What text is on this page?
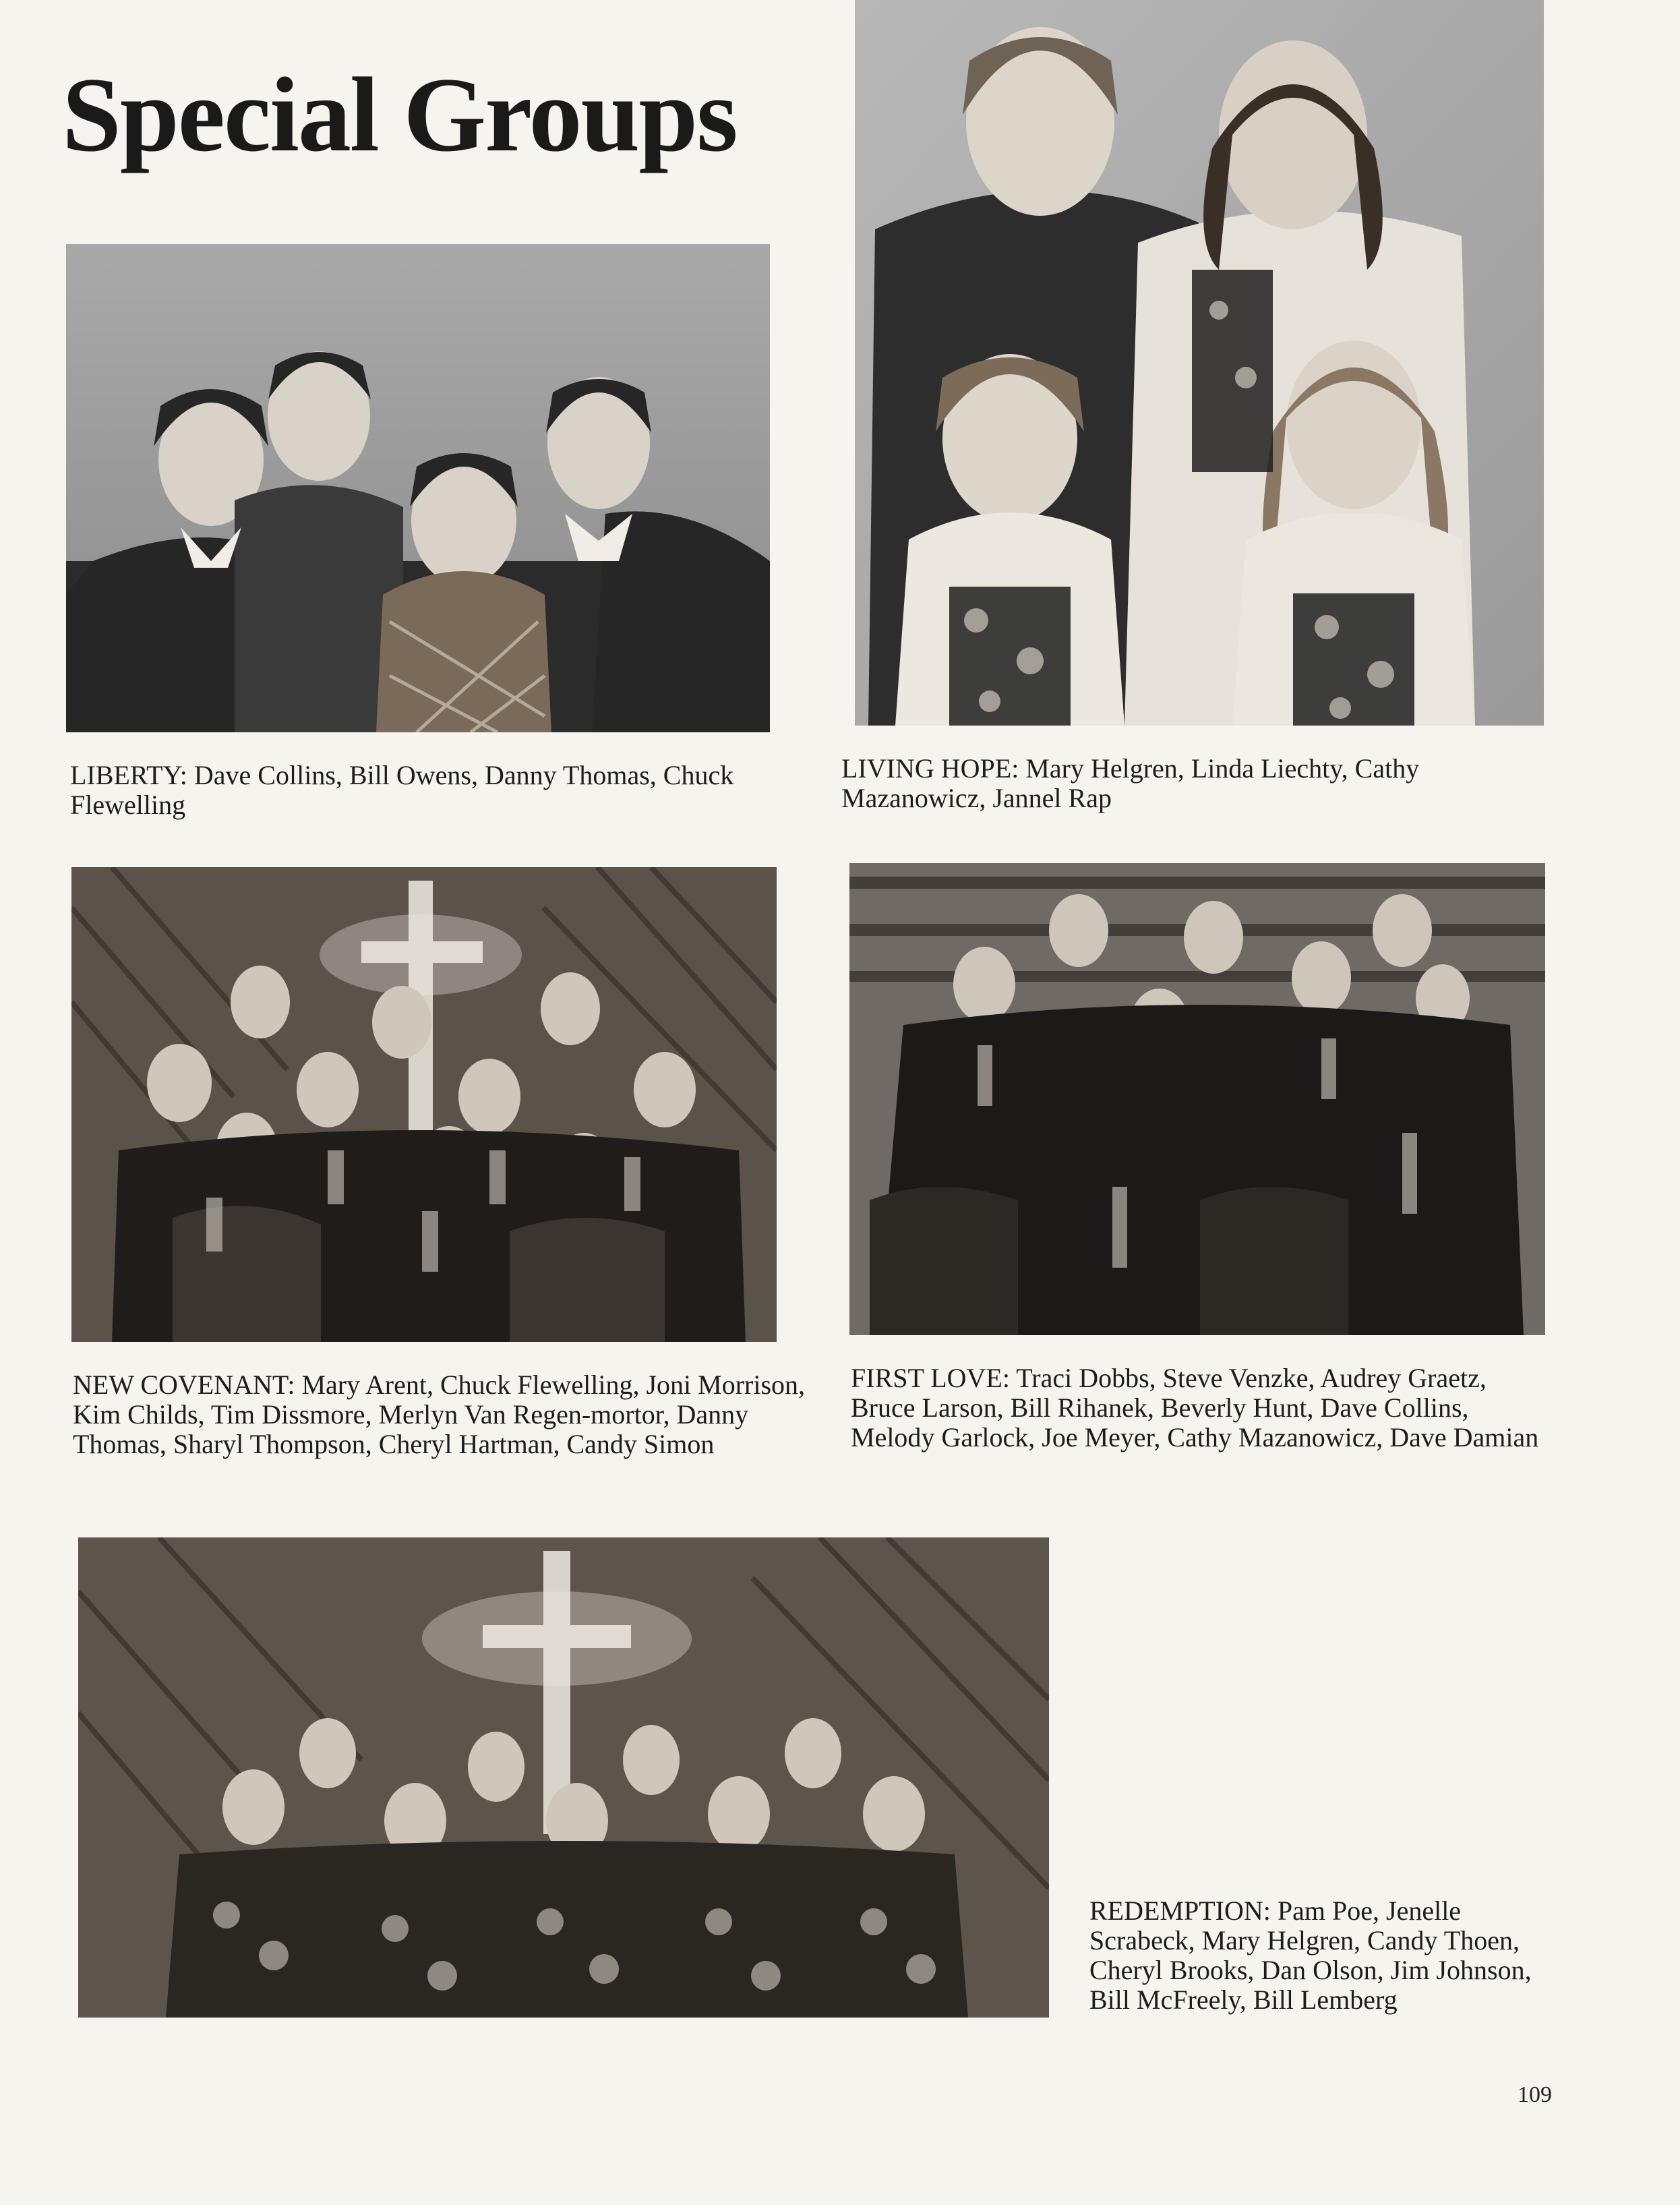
Special Groups

LIBERTY: Dave Collins, Bill Owens, Danny Thomas, Chuck Flewelling

LIVING HOPE: Mary Helgren, Linda Liechty, Cathy Mazanowicz, Jannel Rap

NEW COVENANT: Mary Arent, Chuck Flewelling, Joni Morrison, Kim Childs, Tim Dissmore, Merlyn Van Regen-mortor, Danny Thomas, Sharyl Thompson, Cheryl Hartman, Candy Simon

FIRST LOVE: Traci Dobbs, Steve Venzke, Audrey Graetz, Bruce Larson, Bill Rihanek, Beverly Hunt, Dave Collins, Melody Garlock, Joe Meyer, Cathy Mazanowicz, Dave Damian

REDEMPTION: Pam Poe, Jenelle Scrabeck, Mary Helgren, Candy Thoen, Cheryl Brooks, Dan Olson, Jim Johnson, Bill McFreely, Bill Lemberg

109
